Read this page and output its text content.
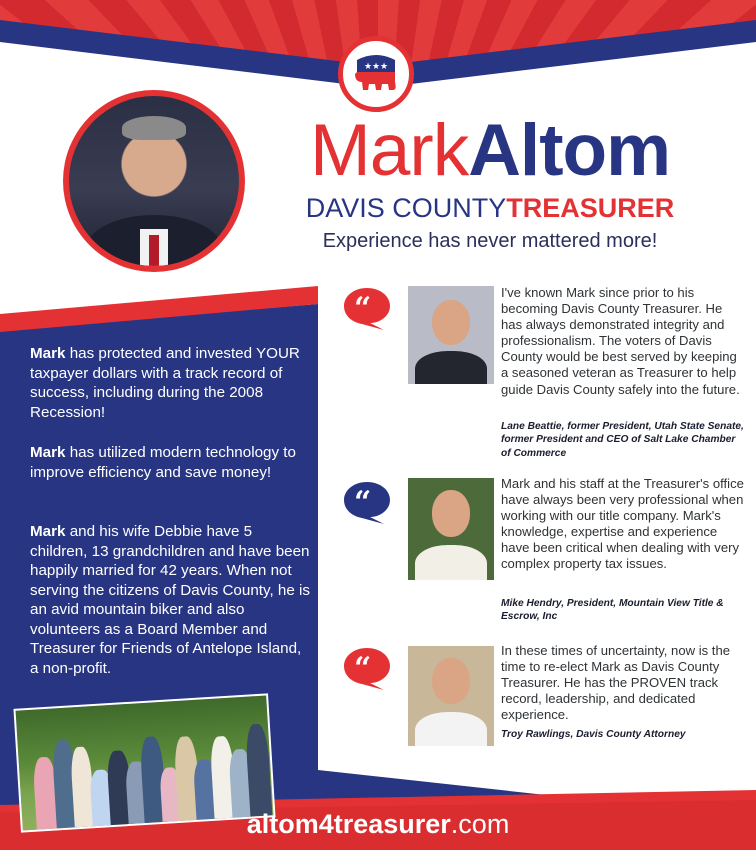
★ ★ ★
MarkAltom
DAVIS COUNTYTREASURER
Experience has never mattered more!
Mark has protected and invested YOUR taxpayer dollars with a track record of success, including during the 2008 Recession!
Mark has utilized modern technology to improve efficiency and save money!
Mark and his wife Debbie have 5 children, 13 grandchildren and have been happily married for 42 years. When not serving the citizens of Davis County, he is an avid mountain biker and also volunteers as a Board Member and Treasurer for Friends of Antelope Island, a non-profit.
“	I've known Mark since prior to his becoming Davis County Treasurer. He has always demonstrated integrity and professionalism. The voters of Davis County would be best served by keeping a seasoned veteran as Treasurer to help guide Davis County safely into the future.
Lane Beattie, former President, Utah State Senate, former President and CEO of Salt Lake Chamber of Commerce
“
Mark and his staff at the Treasurer's office have always been very professional when working with our title company. Mark's knowledge, expertise and experience have been critical when dealing with very complex property tax issues.
Mike Hendry, President, Mountain View Title & Escrow, Inc
“
In these times of uncertainty, now is the time to re-elect Mark as Davis County Treasurer. He has the PROVEN track record, leadership, and dedicated experience.
Troy Rawlings, Davis County Attorney
altom4treasurer.com
